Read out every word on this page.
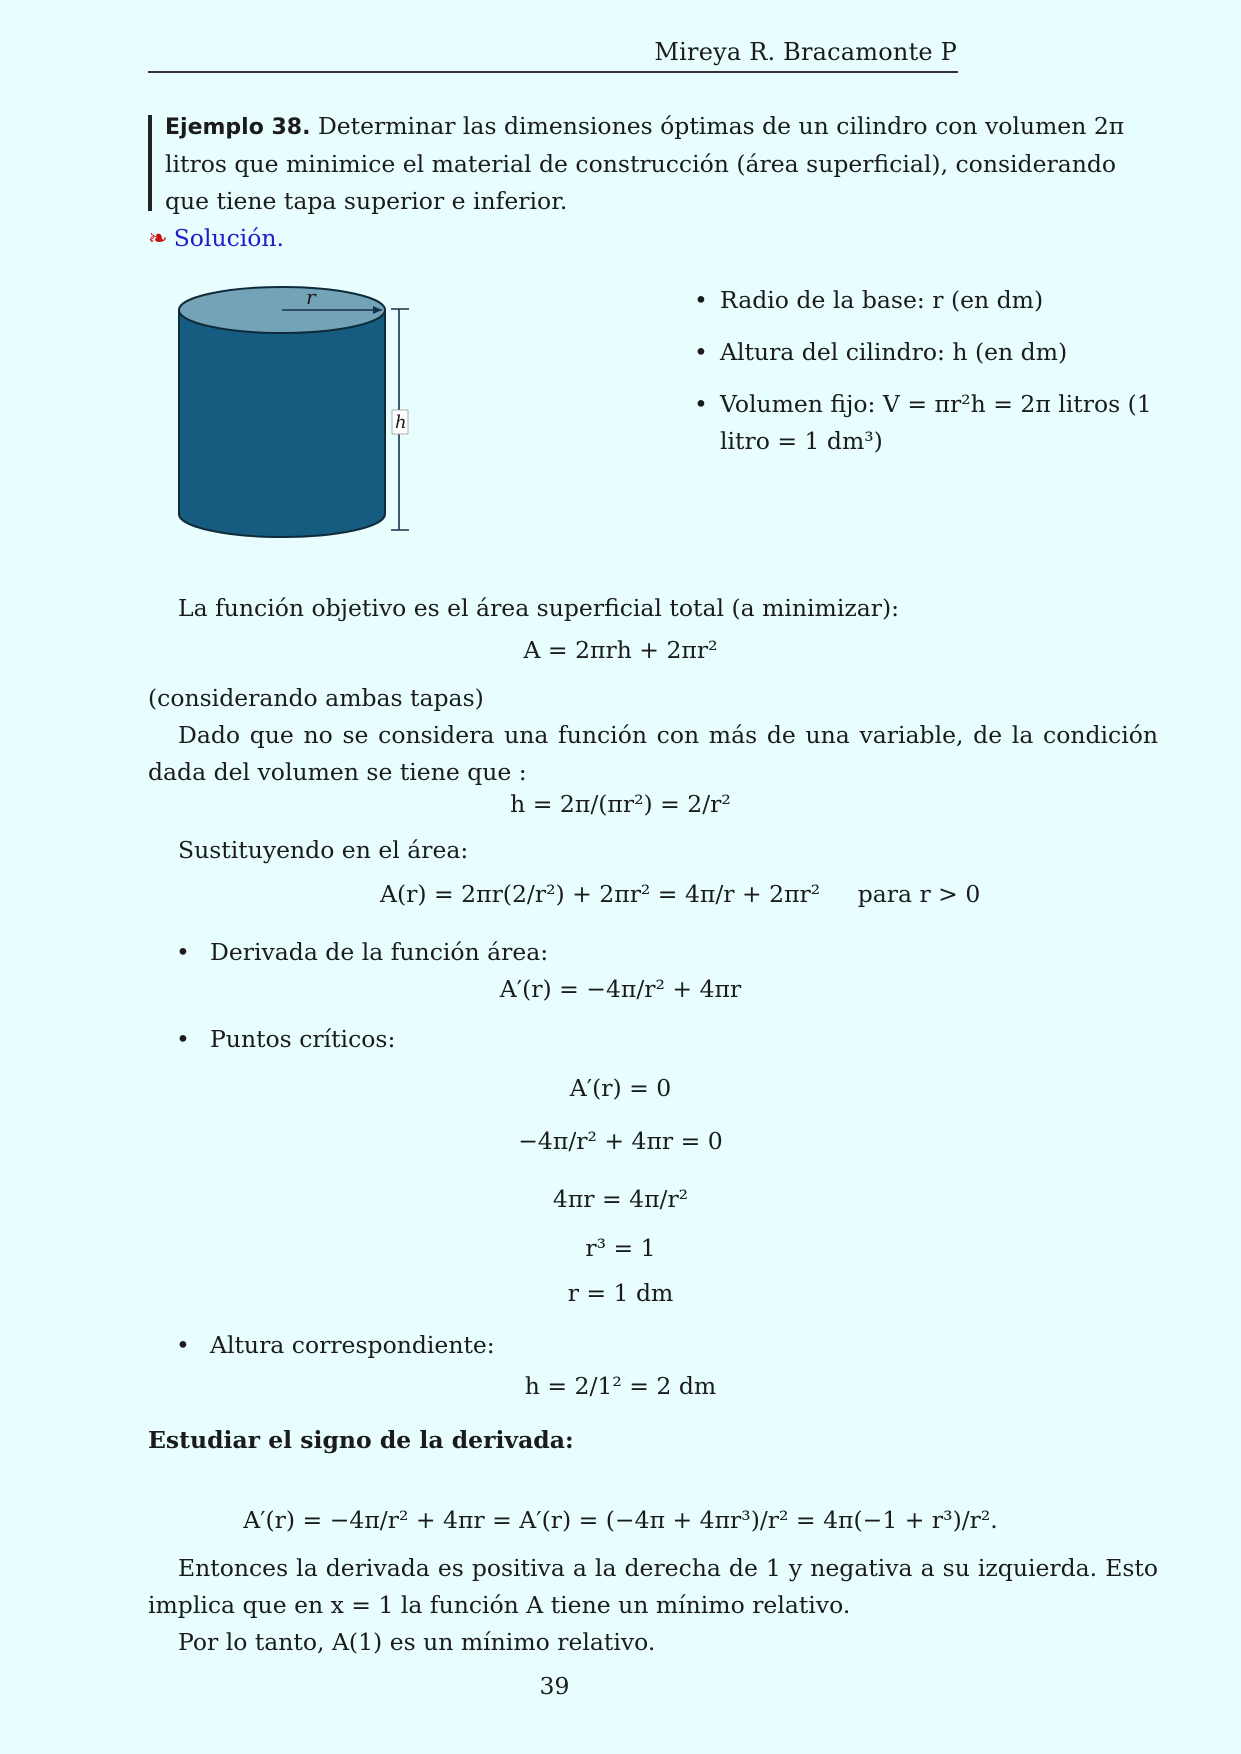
Mireya R. Bracamonte P
Ejemplo 38. Determinar las dimensiones óptimas de un cilindro con volumen 2π litros que minimice el material de construcción (área superficial), considerando que tiene tapa superior e inferior.
❧ Solución.
r
h
• Radio de la base: r (en dm)
• Altura del cilindro: h (en dm)
• Volumen fijo: V = πr²h = 2π litros (1 litro = 1 dm³)
La función objetivo es el área superficial total (a minimizar):
A = 2πrh + 2πr²
(considerando ambas tapas)
Dado que no se considera una función con más de una variable, de la condición dada del volumen se tiene que :
h = 2π/(πr²) = 2/r²
Sustituyendo en el área:
A(r) = 2πr(2/r²) + 2πr² = 4π/r + 2πr² para r > 0
• Derivada de la función área:
A′(r) = −4π/r² + 4πr
• Puntos críticos:
A′(r) = 0
−4π/r² + 4πr = 0
4πr = 4π/r²
r³ = 1
r = 1 dm
• Altura correspondiente:
h = 2/1² = 2 dm
Estudiar el signo de la derivada:
A′(r) = −4π/r² + 4πr = A′(r) = (−4π + 4πr³)/r² = 4π(−1 + r³)/r².
Entonces la derivada es positiva a la derecha de 1 y negativa a su izquierda. Esto implica que en x = 1 la función A tiene un mínimo relativo.
Por lo tanto, A(1) es un mínimo relativo.
39
